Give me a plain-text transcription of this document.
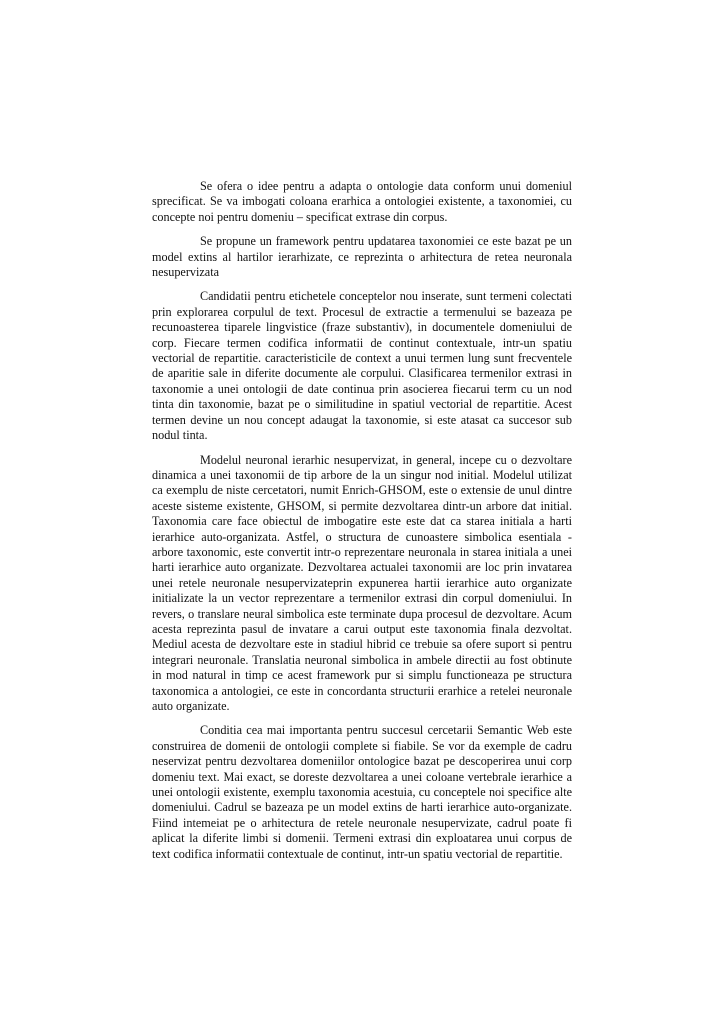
Se ofera o idee pentru a adapta o ontologie data conform unui domeniul sprecificat. Se va imbogati coloana erarhica a ontologiei existente, a taxonomiei, cu concepte noi pentru domeniu – specificat extrase din corpus.

Se propune un framework pentru updatarea taxonomiei ce este bazat pe un model extins al hartilor ierarhizate, ce reprezinta o arhitectura de retea neuronala nesupervizata

Candidatii pentru etichetele conceptelor nou inserate, sunt termeni colectati prin explorarea corpulul de text. Procesul de extractie a termenului se bazeaza pe recunoasterea tiparele lingvistice (fraze substantiv), in documentele domeniului de corp. Fiecare termen codifica informatii de continut contextuale, intr-un spatiu vectorial de repartitie. caracteristicile de context a unui termen lung sunt frecventele de aparitie sale in diferite documente ale corpului. Clasificarea termenilor extrasi in taxonomie a unei ontologii de date continua prin asocierea fiecarui term cu un nod tinta din taxonomie, bazat pe o similitudine in spatiul vectorial de repartitie. Acest termen devine un nou concept adaugat la taxonomie, si este atasat ca succesor sub nodul tinta.

Modelul neuronal ierarhic nesupervizat, in general, incepe cu o dezvoltare dinamica a unei taxonomii de tip arbore de la un singur nod initial. Modelul utilizat ca exemplu de niste cercetatori, numit Enrich-GHSOM, este o extensie de unul dintre aceste sisteme existente, GHSOM, si permite dezvoltarea dintr-un arbore dat initial. Taxonomia care face obiectul de imbogatire este este dat ca starea initiala a harti ierarhice auto-organizata. Astfel, o structura de cunoastere simbolica esentiala - arbore taxonomic, este convertit intr-o reprezentare neuronala in starea initiala a unei harti ierarhice auto organizate. Dezvoltarea actualei taxonomii are loc prin invatarea unei retele neuronale nesupervizateprin expunerea hartii ierarhice auto organizate initializate la un vector reprezentare a termenilor extrasi din corpul domeniului. In revers, o translare neural simbolica este terminate dupa procesul de dezvoltare. Acum acesta reprezinta pasul de invatare a carui output este taxonomia finala dezvoltat. Mediul acesta de dezvoltare este in stadiul hibrid ce trebuie sa ofere suport si pentru integrari neuronale. Translatia neuronal simbolica in ambele directii au fost obtinute in mod natural in timp ce acest framework pur si simplu functioneaza pe structura taxonomica a antologiei, ce este in concordanta structurii erarhice a retelei neuronale auto organizate.

Conditia cea mai importanta pentru succesul cercetarii Semantic Web este construirea de domenii de ontologii complete si fiabile. Se vor da exemple de cadru neservizat pentru dezvoltarea domeniilor ontologice bazat pe descoperirea unui corp domeniu text. Mai exact, se doreste dezvoltarea a unei coloane vertebrale ierarhice a unei ontologii existente, exemplu taxonomia acestuia, cu conceptele noi specifice alte domeniului. Cadrul se bazeaza pe un model extins de harti ierarhice auto-organizate. Fiind intemeiat pe o arhitectura de retele neuronale nesupervizate, cadrul poate fi aplicat la diferite limbi si domenii. Termeni extrasi din exploatarea unui corpus de text codifica informatii contextuale de continut, intr-un spatiu vectorial de repartitie.
